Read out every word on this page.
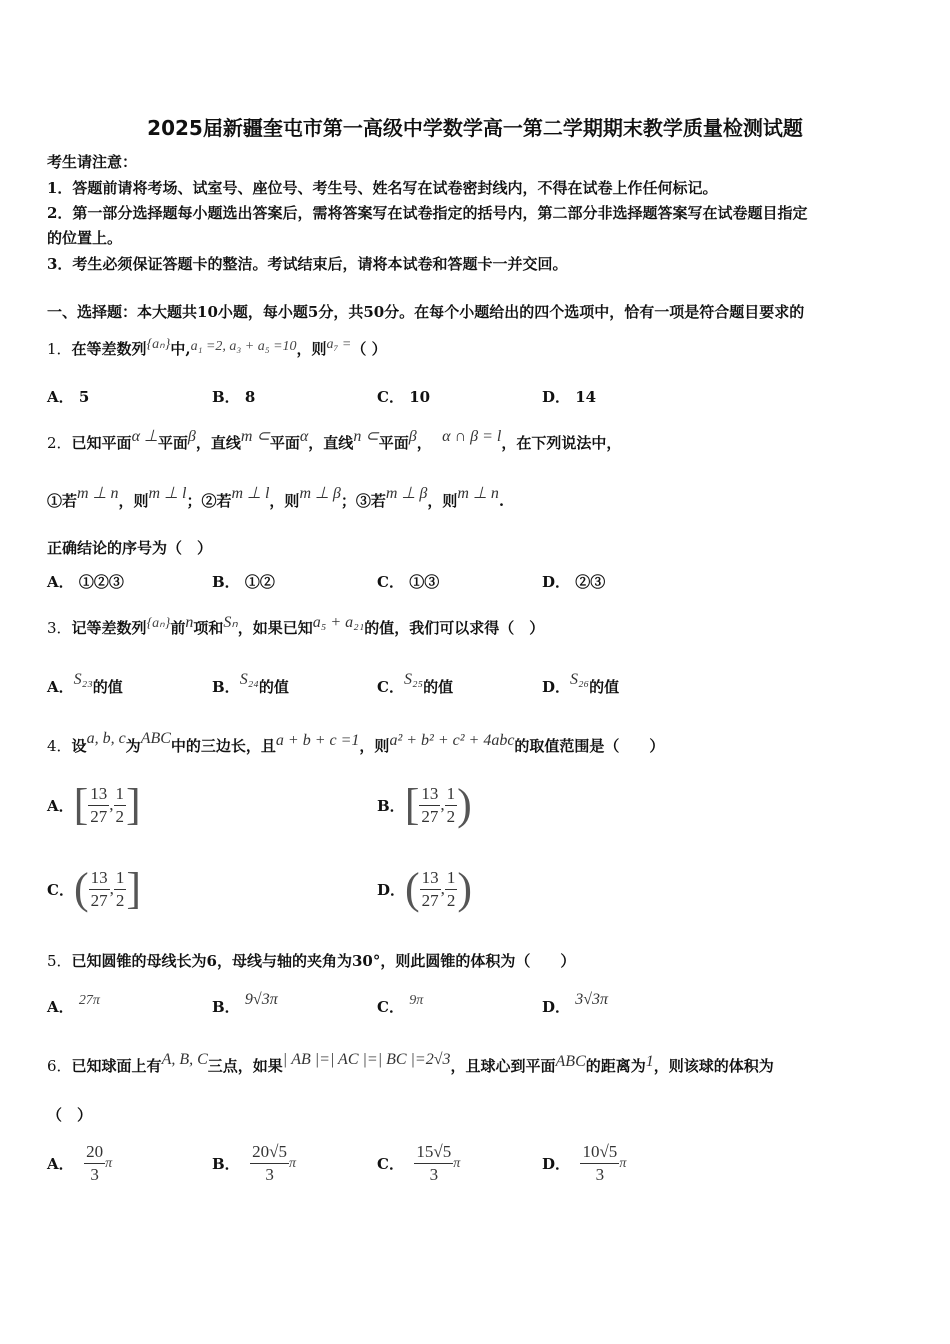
2025届新疆奎屯市第一高级中学数学高一第二学期期末教学质量检测试题
考生请注意：
1．答题前请将考场、试室号、座位号、考生号、姓名写在试卷密封线内，不得在试卷上作任何标记。
2．第一部分选择题每小题选出答案后，需将答案写在试卷指定的括号内，第二部分非选择题答案写在试卷题目指定
的位置上。
3．考生必须保证答题卡的整洁。考试结束后，请将本试卷和答题卡一并交回。
一、选择题：本大题共10小题，每小题5分，共50分。在每个小题给出的四个选项中，恰有一项是符合题目要求的
1．在等差数列{aₙ}中,a₁ =2, a₃ + a₅ =10，则a₇ =（ ）
A． 5	B． 8	C． 10	D． 14
2．已知平面α ⊥平面β，直线m ⊂平面α，直线n ⊂平面β， α ∩ β = l，在下列说法中，
①若m ⊥ n，则m ⊥ l；②若m ⊥ l，则m ⊥ β；③若m ⊥ β，则m ⊥ n.
正确结论的序号为（　）
A． ①②③	B． ①②	C． ①③	D． ②③
3．记等差数列{aₙ}前n项和Sₙ，如果已知a₅ + a₂₁的值，我们可以求得（　）
A．S₂₃的值	B．S₂₄的值	C．S₂₅的值	D．S₂₆的值
4．设a, b, c为ABC中的三边长，且a + b + c =1，则a² + b² + c² + 4abc的取值范围是（　　）
A． [ $\frac{13}{27}$ , $\frac{1}{2}$ ]	B． [ $\frac{13}{27}$ , $\frac{1}{2}$ )
C． ( $\frac{13}{27}$ , $\frac{1}{2}$ ]	D． ( $\frac{13}{27}$ , $\frac{1}{2}$ )
5．已知圆锥的母线长为6，母线与轴的夹角为30°，则此圆锥的体积为（　　）
A． 27π	B． 9√3π	C． 9π	D． 3√3π
6．已知球面上有A, B, C三点，如果| AB |=| AC |=| BC |=2√3，且球心到平面ABC的距离为1，则该球的体积为
（　）
A．
$\frac{20}{3}$ π	B．
$\frac{20√5}{3}$ π	C．
$\frac{15√5}{3}$ π	D．
$\frac{10√5}{3}$ π
